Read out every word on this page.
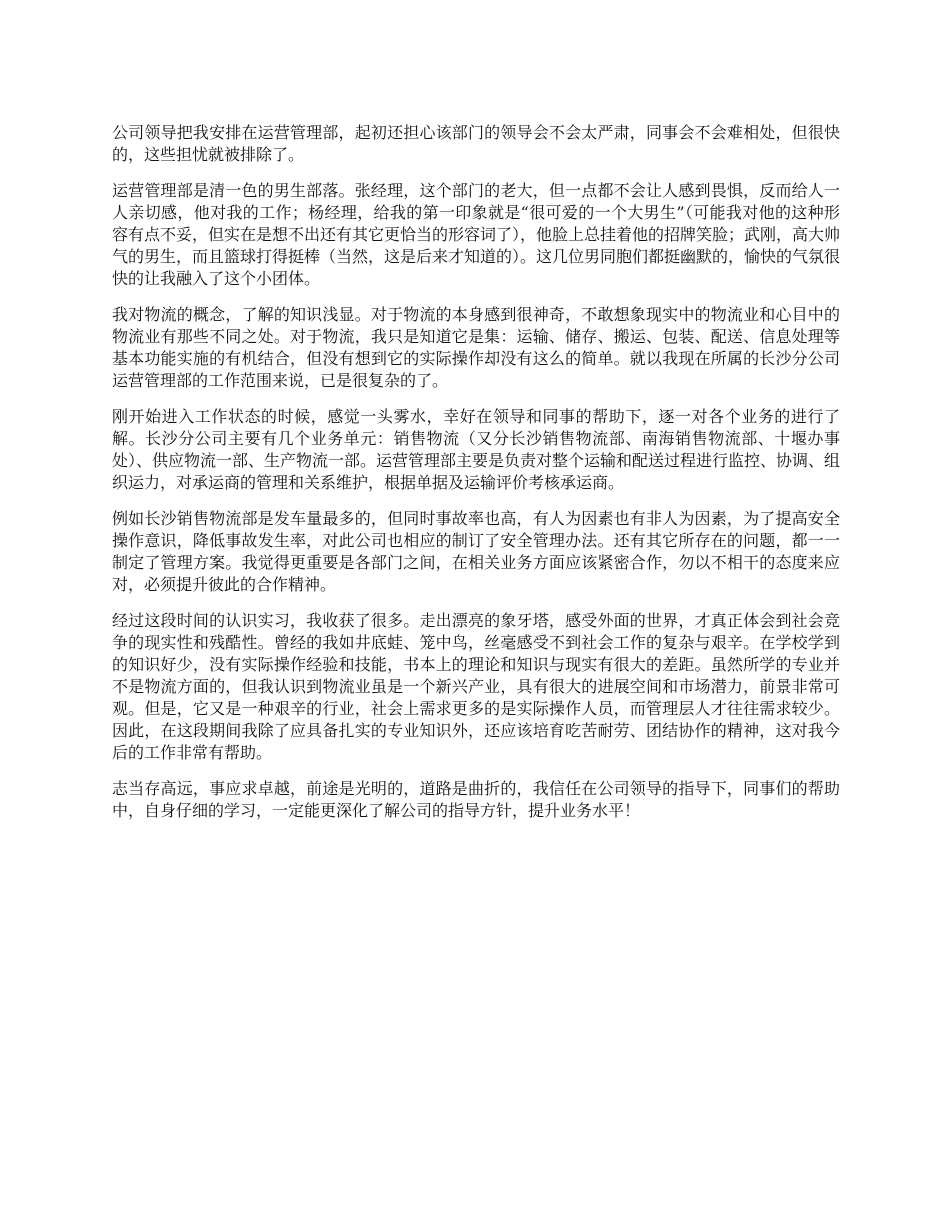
公司领导把我安排在运营管理部，起初还担心该部门的领导会不会太严肃，同事会不会难相处，但很快的，这些担忧就被排除了。

运营管理部是清一色的男生部落。张经理，这个部门的老大，但一点都不会让人感到畏惧，反而给人一人亲切感，他对我的工作；杨经理，给我的第一印象就是“很可爱的一个大男生”（可能我对他的这种形容有点不妥，但实在是想不出还有其它更恰当的形容词了），他脸上总挂着他的招牌笑脸；武刚，高大帅气的男生，而且篮球打得挺棒（当然，这是后来才知道的）。这几位男同胞们都挺幽默的，愉快的气氛很快的让我融入了这个小团体。

我对物流的概念，了解的知识浅显。对于物流的本身感到很神奇，不敢想象现实中的物流业和心目中的物流业有那些不同之处。对于物流，我只是知道它是集：运输、储存、搬运、包装、配送、信息处理等基本功能实施的有机结合，但没有想到它的实际操作却没有这么的简单。就以我现在所属的长沙分公司运营管理部的工作范围来说，已是很复杂的了。

刚开始进入工作状态的时候，感觉一头雾水，幸好在领导和同事的帮助下，逐一对各个业务的进行了解。长沙分公司主要有几个业务单元：销售物流（又分长沙销售物流部、南海销售物流部、十堰办事处）、供应物流一部、生产物流一部。运营管理部主要是负责对整个运输和配送过程进行监控、协调、组织运力，对承运商的管理和关系维护，根据单据及运输评价考核承运商。

例如长沙销售物流部是发车量最多的，但同时事故率也高，有人为因素也有非人为因素，为了提高安全操作意识，降低事故发生率，对此公司也相应的制订了安全管理办法。还有其它所存在的问题，都一一制定了管理方案。我觉得更重要是各部门之间，在相关业务方面应该紧密合作，勿以不相干的态度来应对，必须提升彼此的合作精神。

经过这段时间的认识实习，我收获了很多。走出漂亮的象牙塔，感受外面的世界，才真正体会到社会竞争的现实性和残酷性。曾经的我如井底蛙、笼中鸟，丝毫感受不到社会工作的复杂与艰辛。在学校学到的知识好少，没有实际操作经验和技能，书本上的理论和知识与现实有很大的差距。虽然所学的专业并不是物流方面的，但我认识到物流业虽是一个新兴产业，具有很大的进展空间和市场潜力，前景非常可观。但是，它又是一种艰辛的行业，社会上需求更多的是实际操作人员，而管理层人才往往需求较少。因此，在这段期间我除了应具备扎实的专业知识外，还应该培育吃苦耐劳、团结协作的精神，这对我今后的工作非常有帮助。

志当存高远，事应求卓越，前途是光明的，道路是曲折的，我信任在公司领导的指导下，同事们的帮助中，自身仔细的学习，一定能更深化了解公司的指导方针，提升业务水平！
